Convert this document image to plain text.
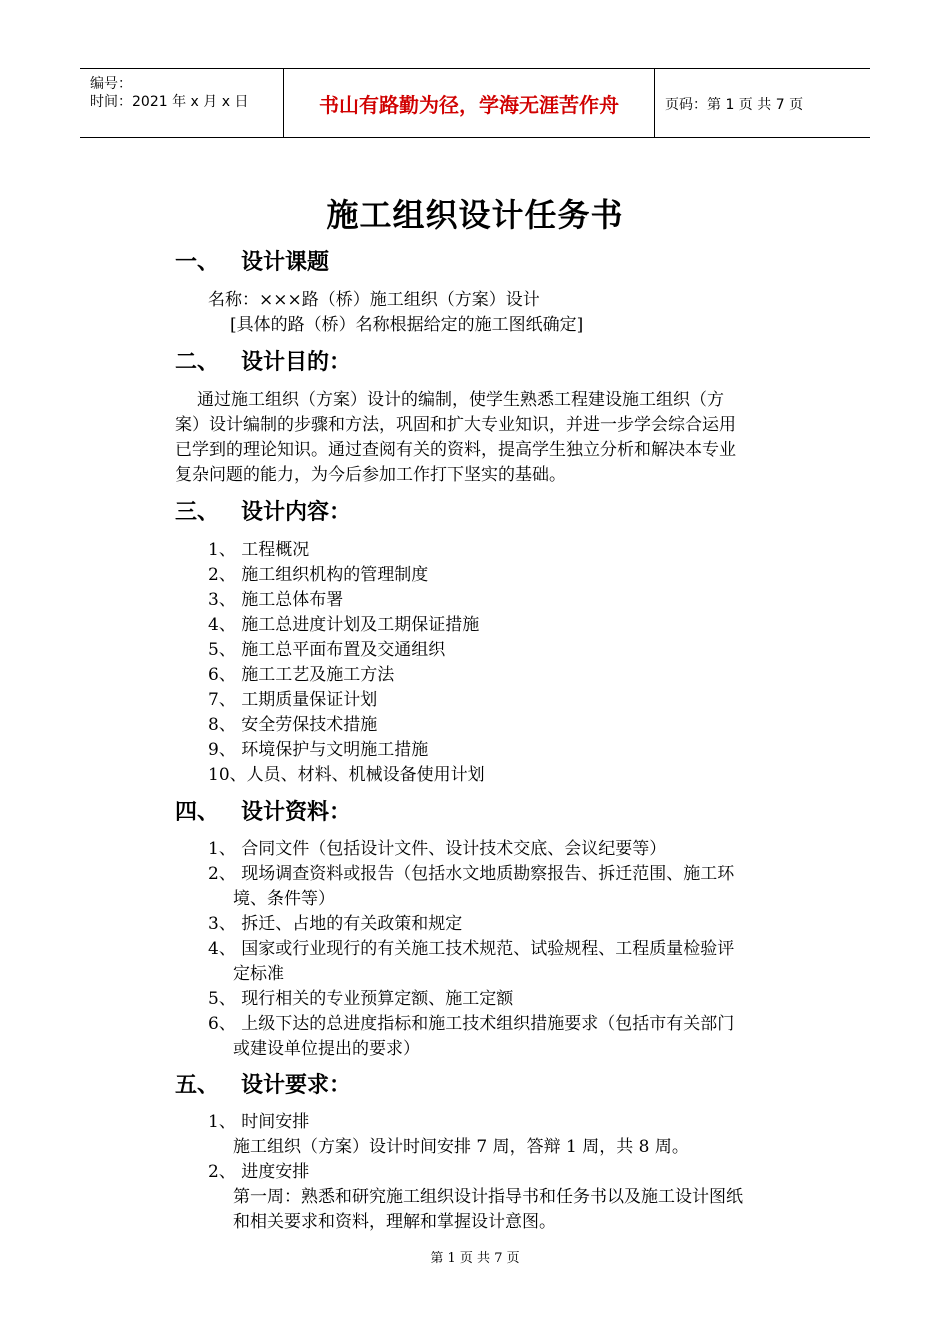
编号：
时间：2021 年 x 月 x 日	书山有路勤为径，学海无涯苦作舟	页码：第 1 页 共 7 页
施工组织设计任务书
一、 设计课题
名称：×××路（桥）施工组织（方案）设计
[具体的路（桥）名称根据给定的施工图纸确定]
二、 设计目的：
通过施工组织（方案）设计的编制，使学生熟悉工程建设施工组织（方
案）设计编制的步骤和方法，巩固和扩大专业知识，并进一步学会综合运用
已学到的理论知识。通过查阅有关的资料，提高学生独立分析和解决本专业
复杂问题的能力，为今后参加工作打下坚实的基础。
三、 设计内容：
1、 工程概况
2、 施工组织机构的管理制度
3、 施工总体布署
4、 施工总进度计划及工期保证措施
5、 施工总平面布置及交通组织
6、 施工工艺及施工方法
7、 工期质量保证计划
8、 安全劳保技术措施
9、 环境保护与文明施工措施
10、人员、材料、机械设备使用计划
四、 设计资料：
1、 合同文件（包括设计文件、设计技术交底、会议纪要等）
2、 现场调查资料或报告（包括水文地质勘察报告、拆迁范围、施工环
境、条件等）
3、 拆迁、占地的有关政策和规定
4、 国家或行业现行的有关施工技术规范、试验规程、工程质量检验评
定标准
5、 现行相关的专业预算定额、施工定额
6、 上级下达的总进度指标和施工技术组织措施要求（包括市有关部门
或建设单位提出的要求）
五、 设计要求：
1、 时间安排
施工组织（方案）设计时间安排 7 周，答辩 1 周，共 8 周。
2、 进度安排
第一周：熟悉和研究施工组织设计指导书和任务书以及施工设计图纸
和相关要求和资料，理解和掌握设计意图。
第 1 页 共 7 页
